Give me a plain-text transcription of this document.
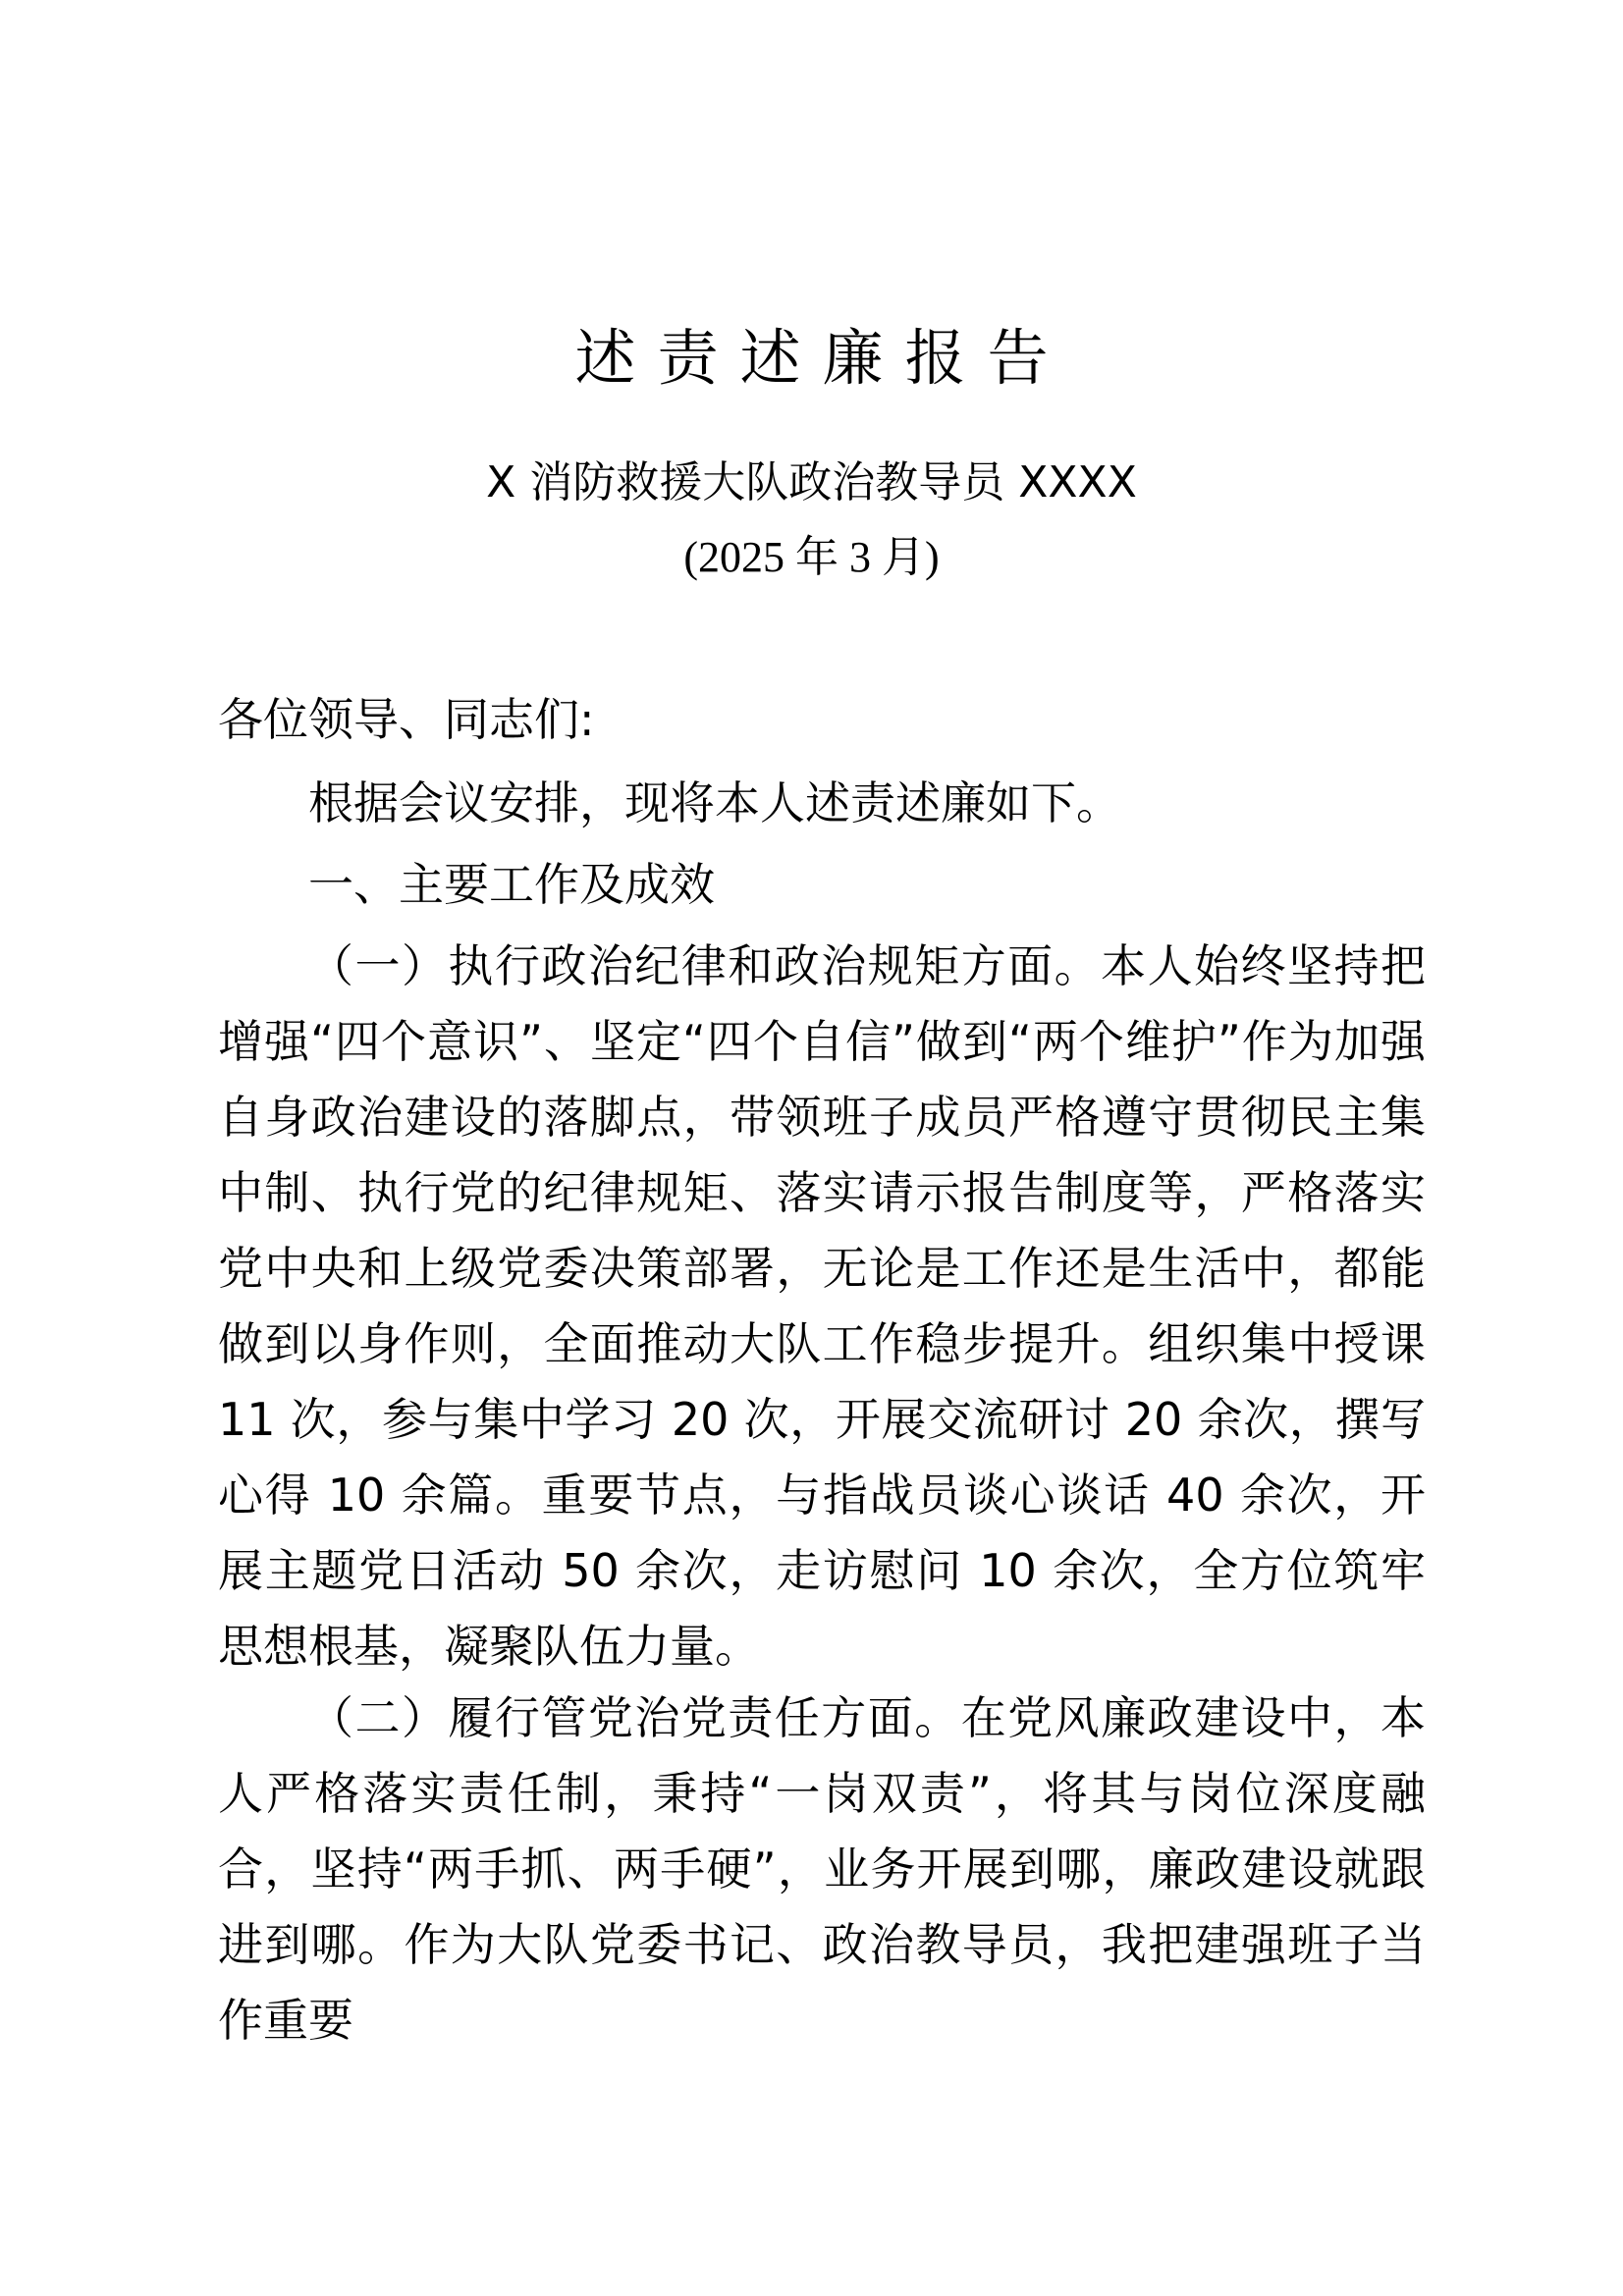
述责述廉报告
X 消防救援大队政治教导员 XXXX
(2025 年 3 月)
各位领导、同志们:
根据会议安排，现将本人述责述廉如下。
一、主要工作及成效
（一）执行政治纪律和政治规矩方面。本人始终坚持把增强“四个意识”、坚定“四个自信”做到“两个维护”作为加强自身政治建设的落脚点，带领班子成员严格遵守贯彻民主集中制、执行党的纪律规矩、落实请示报告制度等，严格落实党中央和上级党委决策部署，无论是工作还是生活中，都能做到以身作则，全面推动大队工作稳步提升。组织集中授课 11 次，参与集中学习 20 次，开展交流研讨 20 余次，撰写心得 10 余篇。重要节点，与指战员谈心谈话 40 余次，开展主题党日活动 50 余次，走访慰问 10 余次，全方位筑牢思想根基，凝聚队伍力量。
（二）履行管党治党责任方面。在党风廉政建设中，本人严格落实责任制，秉持“一岗双责”，将其与岗位深度融合，坚持“两手抓、两手硬”，业务开展到哪，廉政建设就跟进到哪。作为大队党委书记、政治教导员，我把建强班子当作重要
